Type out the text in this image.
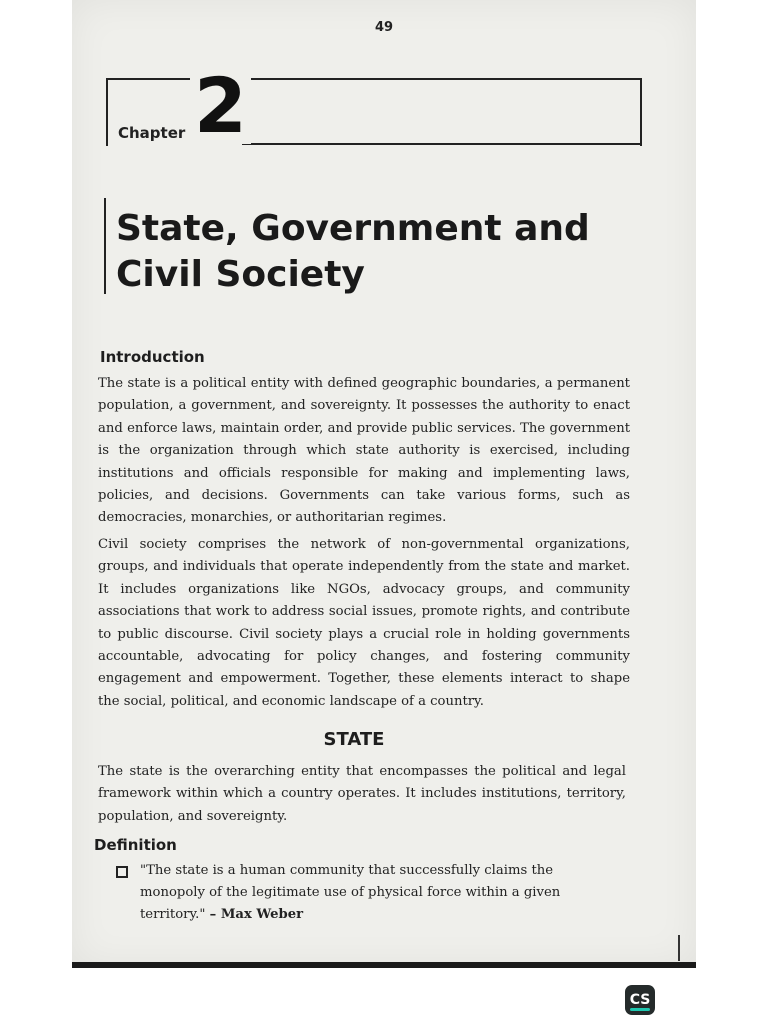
49
Chapter 2
State, Government and Civil Society
Introduction
The state is a political entity with defined geographic boundaries, a permanent population, a government, and sovereignty. It possesses the authority to enact and enforce laws, maintain order, and provide public services. The government is the organization through which state authority is exercised, including institutions and officials responsible for making and implementing laws, policies, and decisions. Governments can take various forms, such as democracies, monarchies, or authoritarian regimes.
Civil society comprises the network of non-governmental organizations, groups, and individuals that operate independently from the state and market. It includes organizations like NGOs, advocacy groups, and community associations that work to address social issues, promote rights, and contribute to public discourse. Civil society plays a crucial role in holding governments accountable, advocating for policy changes, and fostering community engagement and empowerment. Together, these elements interact to shape the social, political, and economic landscape of a country.
STATE
The state is the overarching entity that encompasses the political and legal framework within which a country operates. It includes institutions, territory, population, and sovereignty.
Definition
"The state is a human community that successfully claims the monopoly of the legitimate use of physical force within a given territory." – Max Weber
CS
